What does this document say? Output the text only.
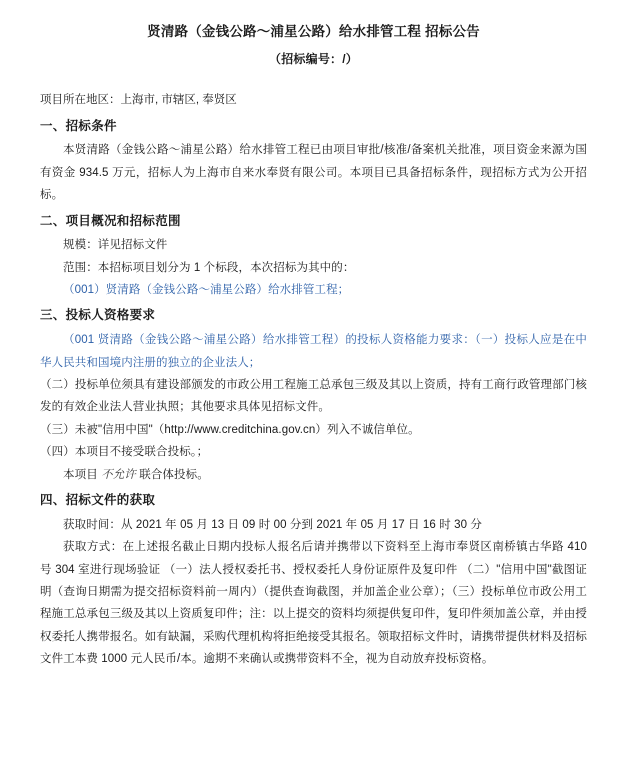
贤清路（金钱公路～浦星公路）给水排管工程 招标公告
（招标编号：/）
项目所在地区：上海市, 市辖区, 奉贤区
一、招标条件

本贤清路（金钱公路～浦星公路）给水排管工程已由项目审批/核准/备案机关批准，项目资金来源为国有资金 934.5 万元，招标人为上海市自来水奉贤有限公司。本项目已具备招标条件，现招标方式为公开招标。

二、项目概况和招标范围

规模：详见招标文件

范围：本招标项目划分为 1 个标段，本次招标为其中的：

（001）贤清路（金钱公路～浦星公路）给水排管工程；

三、投标人资格要求

（001 贤清路（金钱公路～浦星公路）给水排管工程）的投标人资格能力要求：（一）投标人应是在中华人民共和国境内注册的独立的企业法人；

（二）投标单位须具有建设部颁发的市政公用工程施工总承包三级及其以上资质，持有工商行政管理部门核发的有效企业法人营业执照；其他要求具体见招标文件。

（三）未被"信用中国"（http://www.creditchina.gov.cn）列入不诚信单位。

（四）本项目不接受联合投标。；

本项目 不允许 联合体投标。

四、招标文件的获取

获取时间：从 2021 年 05 月 13 日 09 时 00 分到 2021 年 05 月 17 日 16 时 30 分

获取方式：在上述报名截止日期内投标人报名后请并携带以下资料至上海市奉贤区南桥镇古华路 410 号 304 室进行现场验证 （一）法人授权委托书、授权委托人身份证原件及复印件 （二）"信用中国"截图证明（查询日期需为提交招标资料前一周内）（提供查询截图，并加盖企业公章）；（三）投标单位市政公用工程施工总承包三级及其以上资质复印件；注：以上提交的资料均须提供复印件，复印件须加盖公章，并由授权委托人携带报名。如有缺漏，采购代理机构将拒绝接受其报名。领取招标文件时，请携带提供材料及招标文件工本费 1000 元人民币/本。逾期不来确认或携带资料不全，视为自动放弃投标资格。
